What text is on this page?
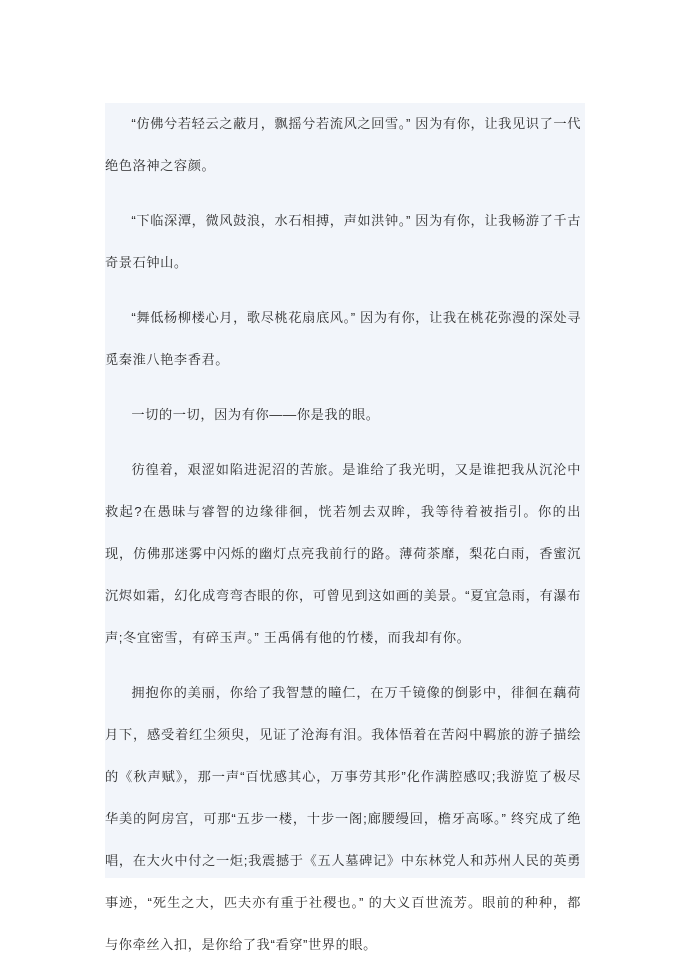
“仿佛兮若轻云之蔽月，飘摇兮若流风之回雪。” 因为有你，让我见识了一代绝色洛神之容颜。

“下临深潭，微风鼓浪，水石相搏，声如洪钟。” 因为有你，让我畅游了千古奇景石钟山。

“舞低杨柳楼心月，歌尽桃花扇底风。” 因为有你，让我在桃花弥漫的深处寻觅秦淮八艳李香君。

一切的一切，因为有你——你是我的眼。

彷徨着，艰涩如陷进泥沼的苦旅。是谁给了我光明，又是谁把我从沉沦中救起?在愚昧与睿智的边缘徘徊，恍若刎去双眸，我等待着被指引。你的出现，仿佛那迷雾中闪烁的幽灯点亮我前行的路。薄荷茶靡，梨花白雨，香蜜沉沉烬如霜，幻化成弯弯杏眼的你，可曾见到这如画的美景。“夏宜急雨，有瀑布声;冬宜密雪，有碎玉声。” 王禹偁有他的竹楼，而我却有你。

拥抱你的美丽，你给了我智慧的瞳仁，在万千镜像的倒影中，徘徊在藕荷月下，感受着红尘须臾，见证了沧海有泪。我体悟着在苦闷中羁旅的游子描绘的《秋声赋》，那一声“百忧感其心，万事劳其形”化作满腔感叹;我游览了极尽华美的阿房宫，可那“五步一楼，十步一阁;廊腰缦回，檐牙高啄。” 终究成了绝唱，在大火中付之一炬;我震撼于《五人墓碑记》中东林党人和苏州人民的英勇事迹，“死生之大，匹夫亦有重于社稷也。” 的大义百世流芳。眼前的种种，都与你牵丝入扣，是你给了我“看穿”世界的眼。
